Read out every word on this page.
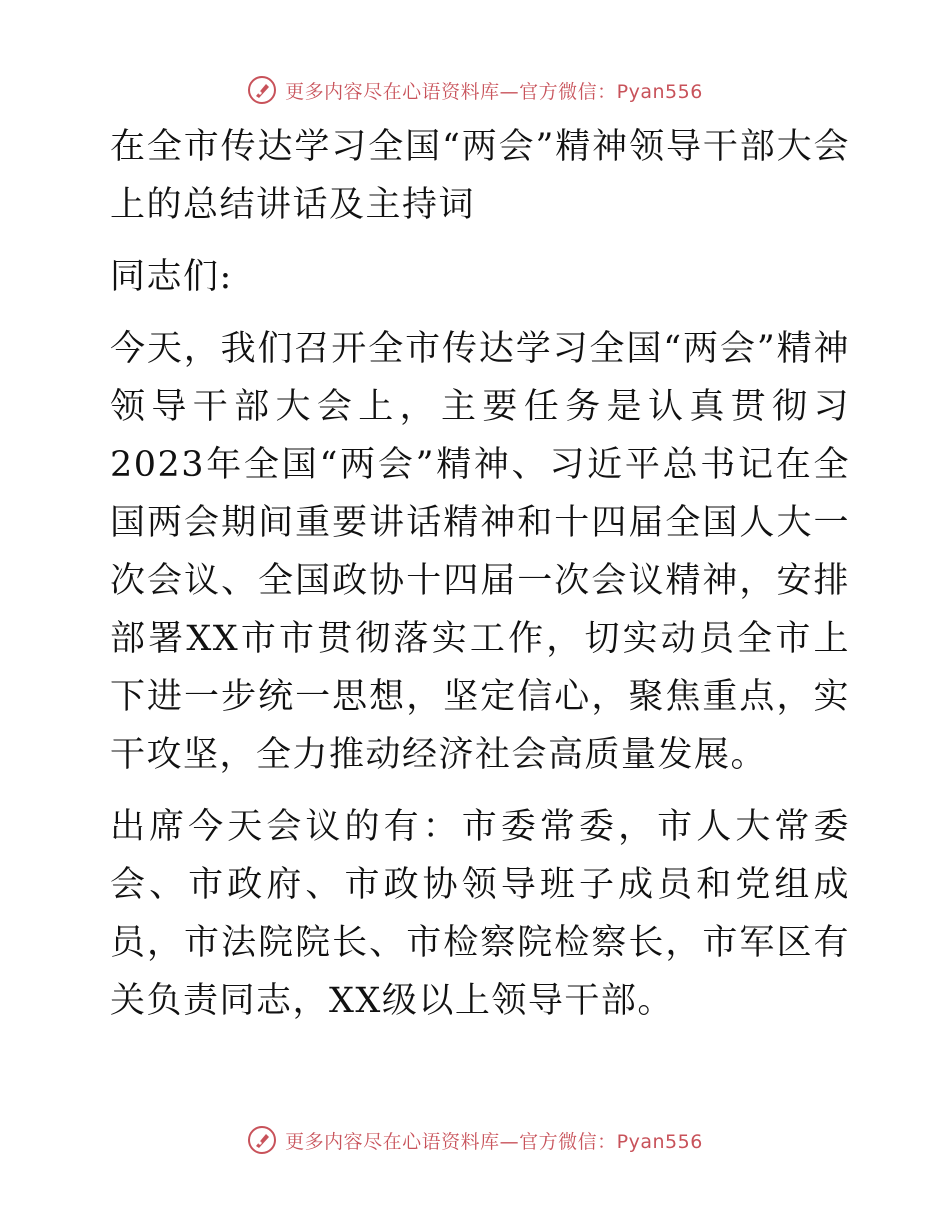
更多内容尽在心语资料库—官方微信：Pyan556

在全市传达学习全国“两会”精神领导干部大会上的总结讲话及主持词

同志们:

今天，我们召开全市传达学习全国“两会”精神领导干部大会上，主要任务是认真贯彻习2023年全国“两会”精神、习近平总书记在全国两会期间重要讲话精神和十四届全国人大一次会议、全国政协十四届一次会议精神，安排部署XX市市贯彻落实工作，切实动员全市上下进一步统一思想，坚定信心，聚焦重点，实干攻坚，全力推动经济社会高质量发展。

出席今天会议的有：市委常委，市人大常委会、市政府、市政协领导班子成员和党组成员，市法院院长、市检察院检察长，市军区有关负责同志，XX级以上领导干部。

更多内容尽在心语资料库—官方微信：Pyan556
